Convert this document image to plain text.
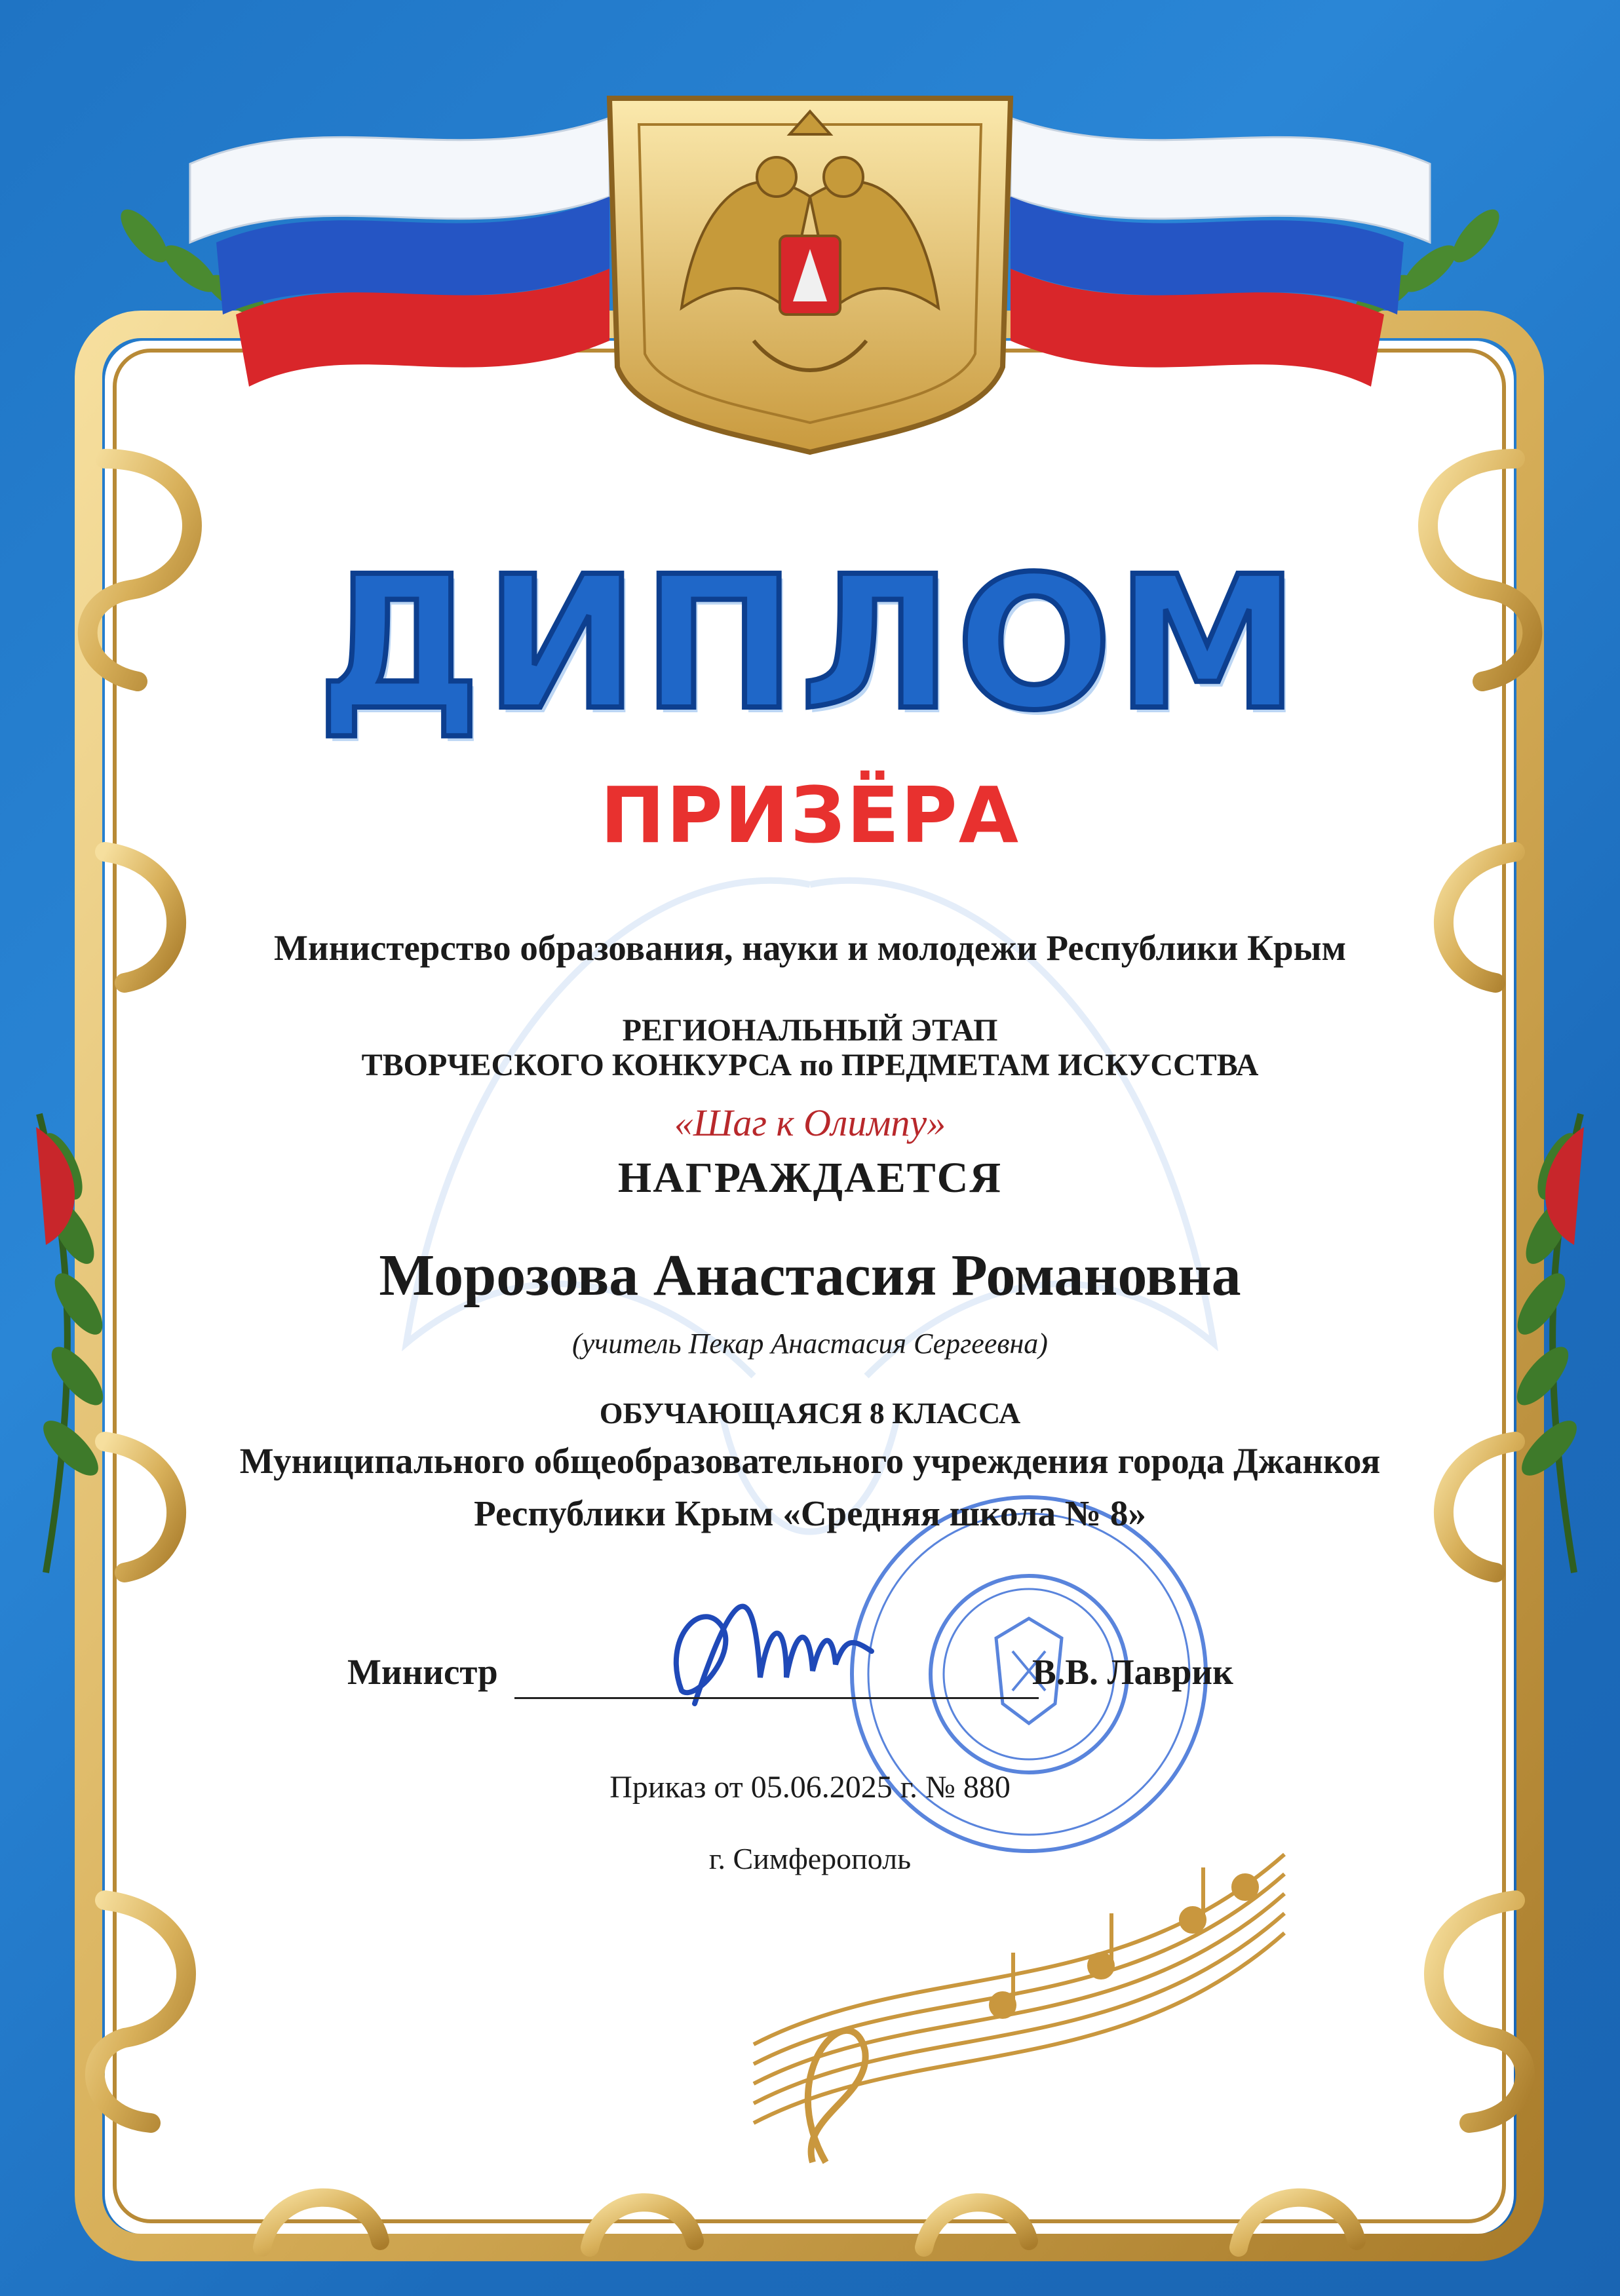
ДИПЛОМ
ПРИЗЁРА
Министерство образования, науки и молодежи Республики Крым
РЕГИОНАЛЬНЫЙ ЭТАП
ТВОРЧЕСКОГО КОНКУРСА по ПРЕДМЕТАМ ИСКУССТВА
«Шаг к Олимпу»
НАГРАЖДАЕТСЯ
Морозова Анастасия Романовна
(учитель Пекар Анастасия Сергеевна)
ОБУЧАЮЩАЯСЯ 8 КЛАССА
Муниципального общеобразовательного учреждения города Джанкоя
Республики Крым «Средняя школа № 8»
Министр	В.В. Лаврик
Приказ от 05.06.2025 г. № 880
г. Симферополь
